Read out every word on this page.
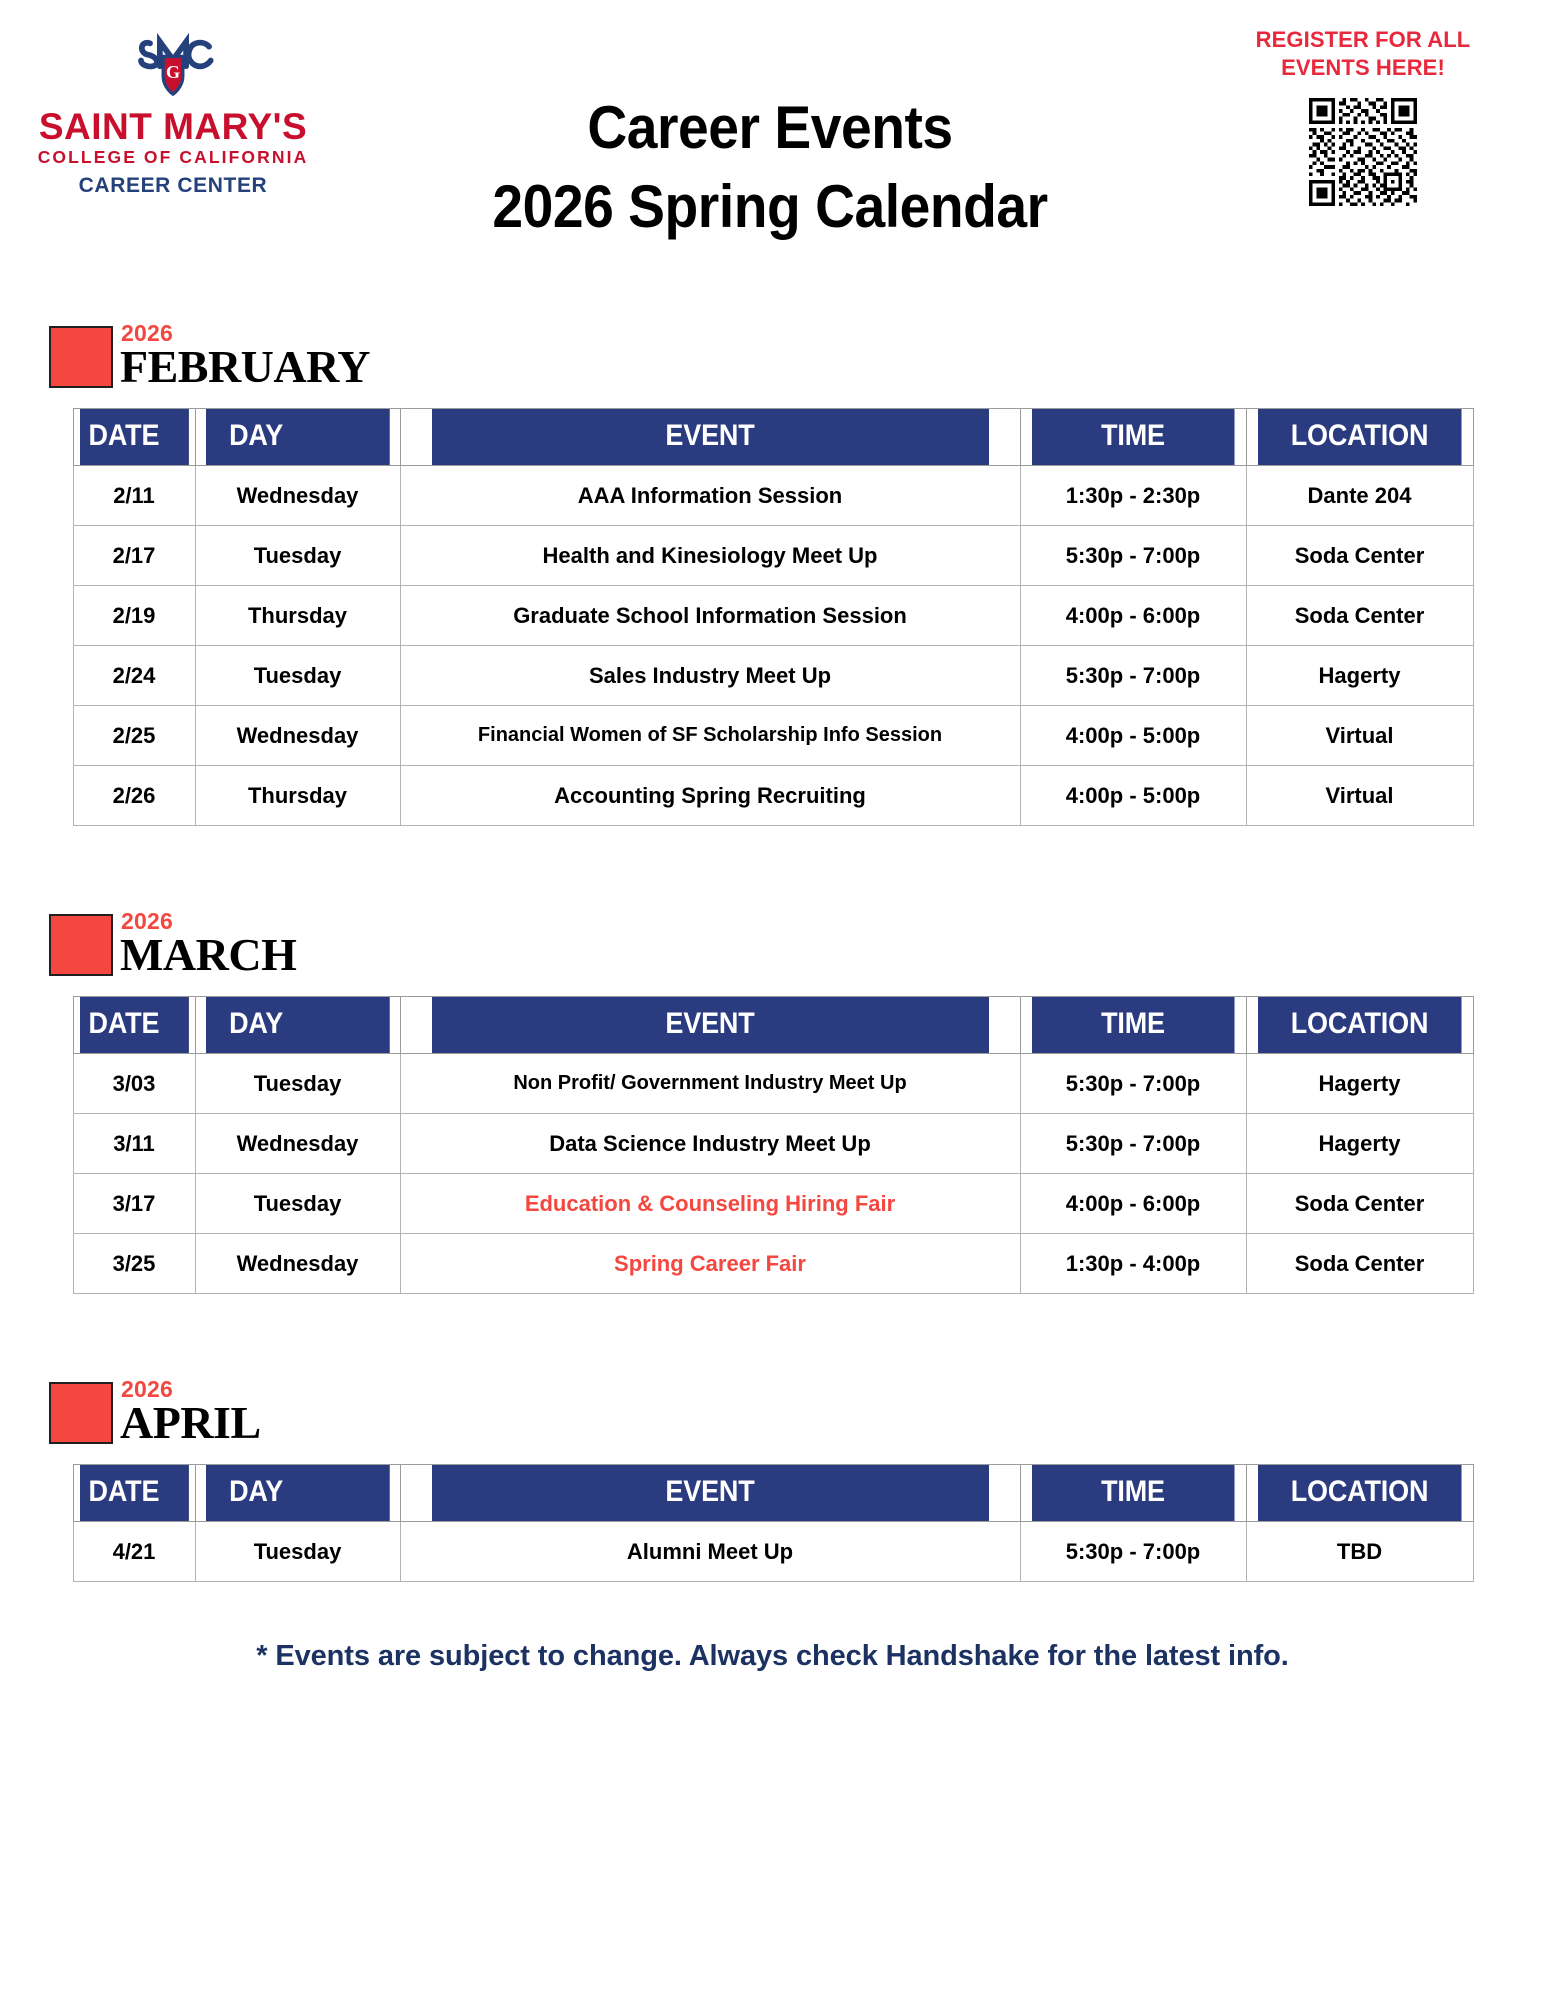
G
SAINT MARY'S
COLLEGE OF CALIFORNIA
CAREER CENTER
Career Events
2026 Spring Calendar
REGISTER FOR ALL
EVENTS HERE!
2026
FEBRUARY
DATE	DAY	EVENT	TIME	LOCATION
2/11	Wednesday	AAA Information Session	1:30p - 2:30p	Dante 204
2/17	Tuesday	Health and Kinesiology Meet Up	5:30p - 7:00p	Soda Center
2/19	Thursday	Graduate School Information Session	4:00p - 6:00p	Soda Center
2/24	Tuesday	Sales Industry Meet Up	5:30p - 7:00p	Hagerty
2/25	Wednesday	Financial Women of SF Scholarship Info Session	4:00p - 5:00p	Virtual
2/26	Thursday	Accounting Spring Recruiting	4:00p - 5:00p	Virtual
2026
MARCH
DATE	DAY	EVENT	TIME	LOCATION
3/03	Tuesday	Non Profit/ Government Industry Meet Up	5:30p - 7:00p	Hagerty
3/11	Wednesday	Data Science Industry Meet Up	5:30p - 7:00p	Hagerty
3/17	Tuesday	Education & Counseling Hiring Fair	4:00p - 6:00p	Soda Center
3/25	Wednesday	Spring Career Fair	1:30p - 4:00p	Soda Center
2026
APRIL
DATE	DAY	EVENT	TIME	LOCATION
4/21	Tuesday	Alumni Meet Up	5:30p - 7:00p	TBD
* Events are subject to change. Always check Handshake for the latest info.
